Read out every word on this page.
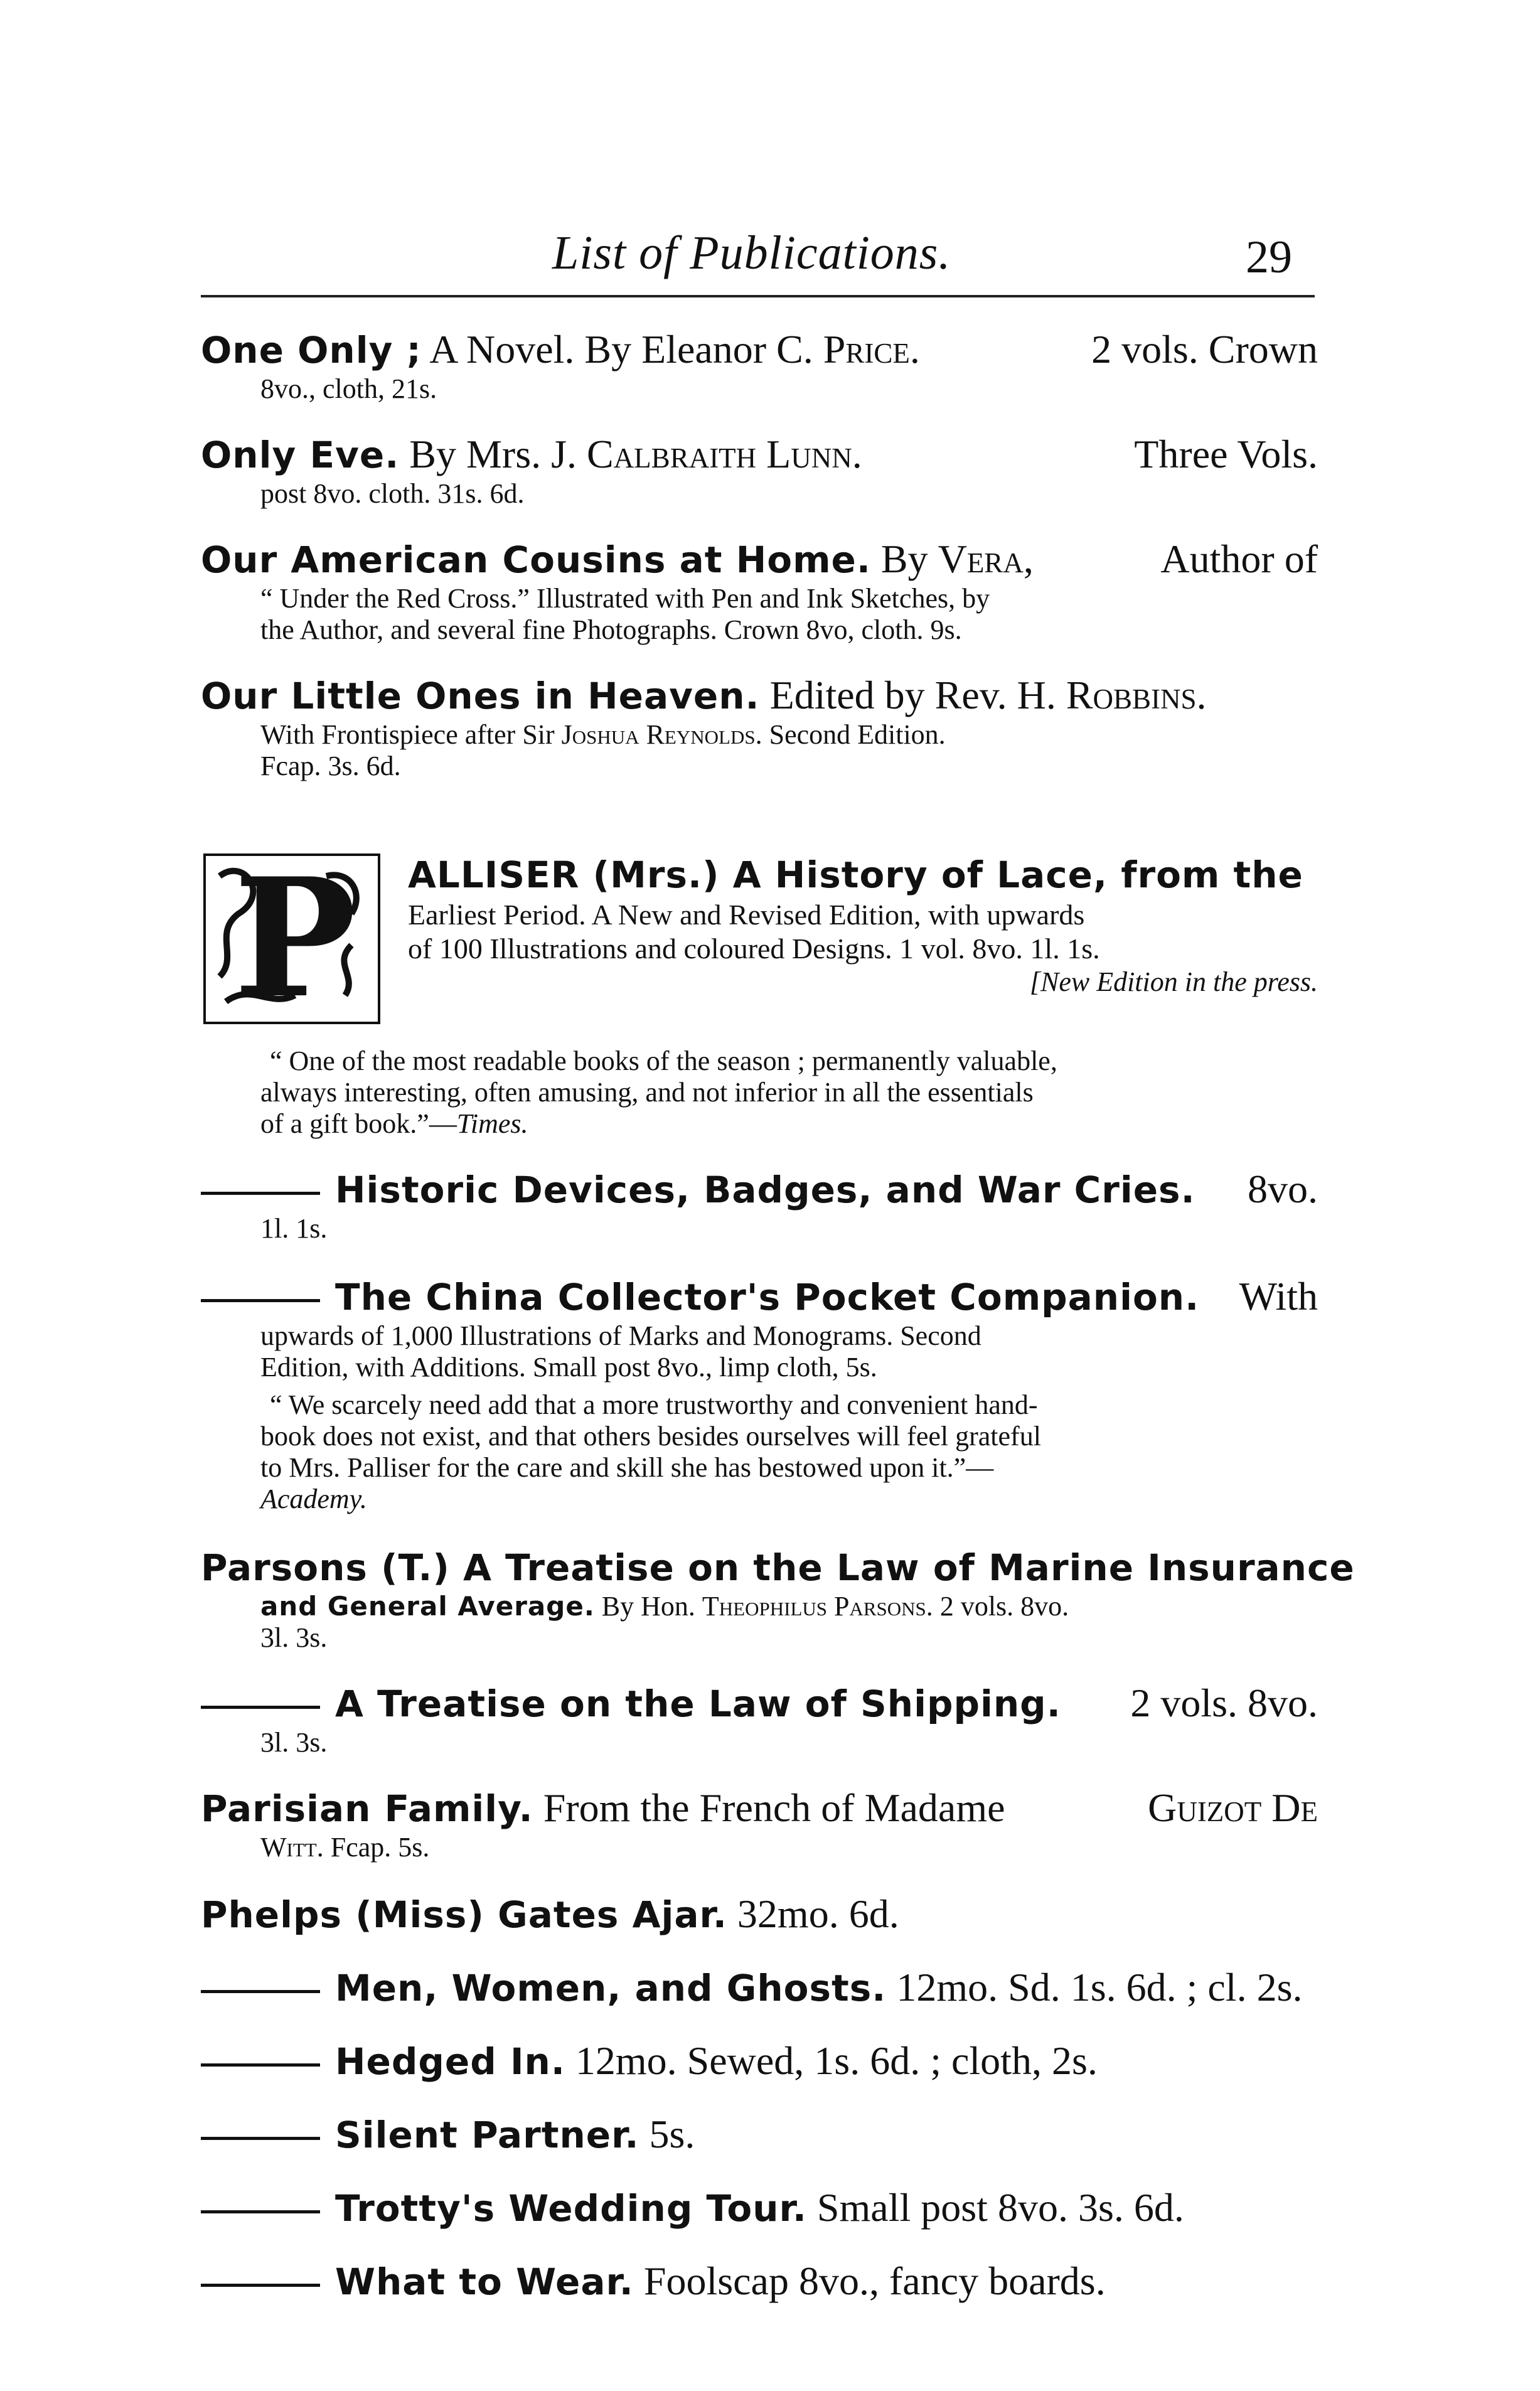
List of Publications.	29
One Only ; A Novel. By Eleanor C. Price.	2 vols. Crown
8vo., cloth, 21s.
Only Eve. By Mrs. J. Calbraith Lunn.	Three Vols.
post 8vo. cloth. 31s. 6d.
Our American Cousins at Home. By Vera,	Author of
“ Under the Red Cross.” Illustrated with Pen and Ink Sketches, by
the Author, and several fine Photographs. Crown 8vo, cloth. 9s.
Our Little Ones in Heaven. Edited by Rev. H. Robbins.
With Frontispiece after Sir Joshua Reynolds. Second Edition.
Fcap. 3s. 6d.
P ALLISER (Mrs.) A History of Lace, from the
Earliest Period. A New and Revised Edition, with upwards
of 100 Illustrations and coloured Designs. 1 vol. 8vo. 1l. 1s.
[New Edition in the press.
“ One of the most readable books of the season ; permanently valuable,
always interesting, often amusing, and not inferior in all the essentials
of a gift book.”—Times.
Historic Devices, Badges, and War Cries. 8vo.
1l. 1s.
The China Collector's Pocket Companion. With
upwards of 1,000 Illustrations of Marks and Monograms. Second
Edition, with Additions. Small post 8vo., limp cloth, 5s.
“ We scarcely need add that a more trustworthy and convenient hand-
book does not exist, and that others besides ourselves will feel grateful
to Mrs. Palliser for the care and skill she has bestowed upon it.”—
Academy.
Parsons (T.) A Treatise on the Law of Marine Insurance
and General Average. By Hon. Theophilus Parsons. 2 vols. 8vo.
3l. 3s.
A Treatise on the Law of Shipping. 2 vols. 8vo.
3l. 3s.
Parisian Family. From the French of Madame	Guizot De
Witt. Fcap. 5s.
Phelps (Miss) Gates Ajar. 32mo. 6d.
Men, Women, and Ghosts. 12mo. Sd. 1s. 6d. ; cl. 2s.
Hedged In. 12mo. Sewed, 1s. 6d. ; cloth, 2s.
Silent Partner. 5s.
Trotty's Wedding Tour. Small post 8vo. 3s. 6d.
What to Wear. Foolscap 8vo., fancy boards.
